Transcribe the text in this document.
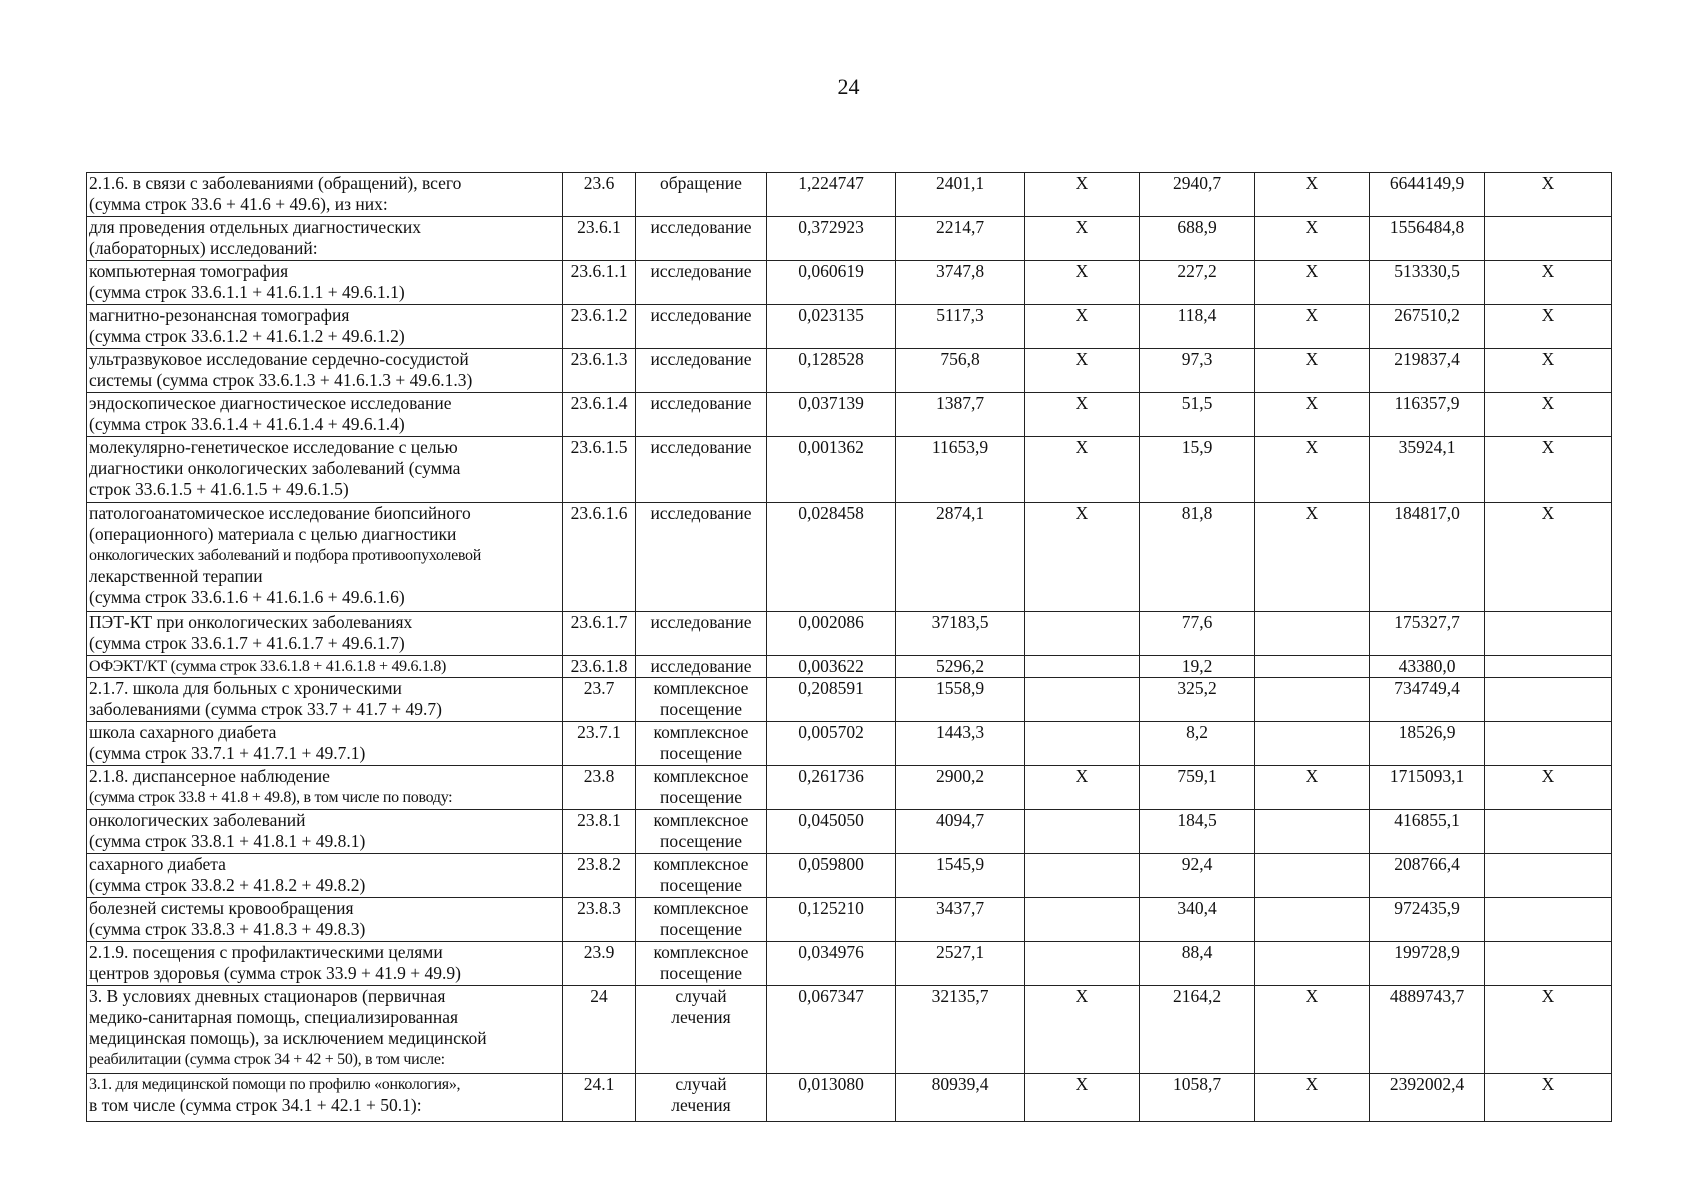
24
2.1.6. в связи с заболеваниями (обращений), всего
(сумма строк 33.6 + 41.6 + 49.6), из них:	23.6	обращение	1,224747	2401,1	Х	2940,7	Х	6644149,9	Х

для проведения отдельных диагностических
(лабораторных) исследований:	23.6.1	исследование	0,372923	2214,7	Х	688,9	Х	1556484,8	

компьютерная томография
(сумма строк 33.6.1.1 + 41.6.1.1 + 49.6.1.1)	23.6.1.1	исследование	0,060619	3747,8	Х	227,2	Х	513330,5	Х

магнитно-резонансная томография
(сумма строк 33.6.1.2 + 41.6.1.2 + 49.6.1.2)	23.6.1.2	исследование	0,023135	5117,3	Х	118,4	Х	267510,2	Х

ультразвуковое исследование сердечно-сосудистой
системы (сумма строк 33.6.1.3 + 41.6.1.3 + 49.6.1.3)	23.6.1.3	исследование	0,128528	756,8	Х	97,3	Х	219837,4	Х

эндоскопическое диагностическое исследование
(сумма строк 33.6.1.4 + 41.6.1.4 + 49.6.1.4)	23.6.1.4	исследование	0,037139	1387,7	Х	51,5	Х	116357,9	Х

молекулярно-генетическое исследование с целью
диагностики онкологических заболеваний (сумма
строк 33.6.1.5 + 41.6.1.5 + 49.6.1.5)	23.6.1.5	исследование	0,001362	11653,9	Х	15,9	Х	35924,1	Х

патологоанатомическое исследование биопсийного
(операционного) материала с целью диагностики
онкологических заболеваний и подбора противоопухолевой
лекарственной терапии
(сумма строк 33.6.1.6 + 41.6.1.6 + 49.6.1.6)	23.6.1.6	исследование	0,028458	2874,1	Х	81,8	Х	184817,0	Х

ПЭТ-КТ при онкологических заболеваниях
(сумма строк 33.6.1.7 + 41.6.1.7 + 49.6.1.7)	23.6.1.7	исследование	0,002086	37183,5		77,6		175327,7	

ОФЭКТ/КТ (сумма строк 33.6.1.8 + 41.6.1.8 + 49.6.1.8)	23.6.1.8	исследование	0,003622	5296,2		19,2		43380,0	

2.1.7. школа для больных с хроническими
заболеваниями (сумма строк 33.7 + 41.7 + 49.7)	23.7	комплексное
посещение	0,208591	1558,9		325,2		734749,4	

школа сахарного диабета
(сумма строк 33.7.1 + 41.7.1 + 49.7.1)	23.7.1	комплексное
посещение	0,005702	1443,3		8,2		18526,9	

2.1.8. диспансерное наблюдение
(сумма строк 33.8 + 41.8 + 49.8), в том числе по поводу:	23.8	комплексное
посещение	0,261736	2900,2	Х	759,1	Х	1715093,1	Х

онкологических заболеваний
(сумма строк 33.8.1 + 41.8.1 + 49.8.1)	23.8.1	комплексное
посещение	0,045050	4094,7		184,5		416855,1	

сахарного диабета
(сумма строк 33.8.2 + 41.8.2 + 49.8.2)	23.8.2	комплексное
посещение	0,059800	1545,9		92,4		208766,4	

болезней системы кровообращения
(сумма строк 33.8.3 + 41.8.3 + 49.8.3)	23.8.3	комплексное
посещение	0,125210	3437,7		340,4		972435,9	

2.1.9. посещения с профилактическими целями
центров здоровья (сумма строк 33.9 + 41.9 + 49.9)	23.9	комплексное
посещение	0,034976	2527,1		88,4		199728,9	

3. В условиях дневных стационаров (первичная
медико-санитарная помощь, специализированная
медицинская помощь), за исключением медицинской
реабилитации (сумма строк 34 + 42 + 50), в том числе:	24	случай
лечения	0,067347	32135,7	Х	2164,2	Х	4889743,7	Х

3.1. для медицинской помощи по профилю «онкология»,
в том числе (сумма строк 34.1 + 42.1 + 50.1):	24.1	случай
лечения	0,013080	80939,4	Х	1058,7	Х	2392002,4	Х
